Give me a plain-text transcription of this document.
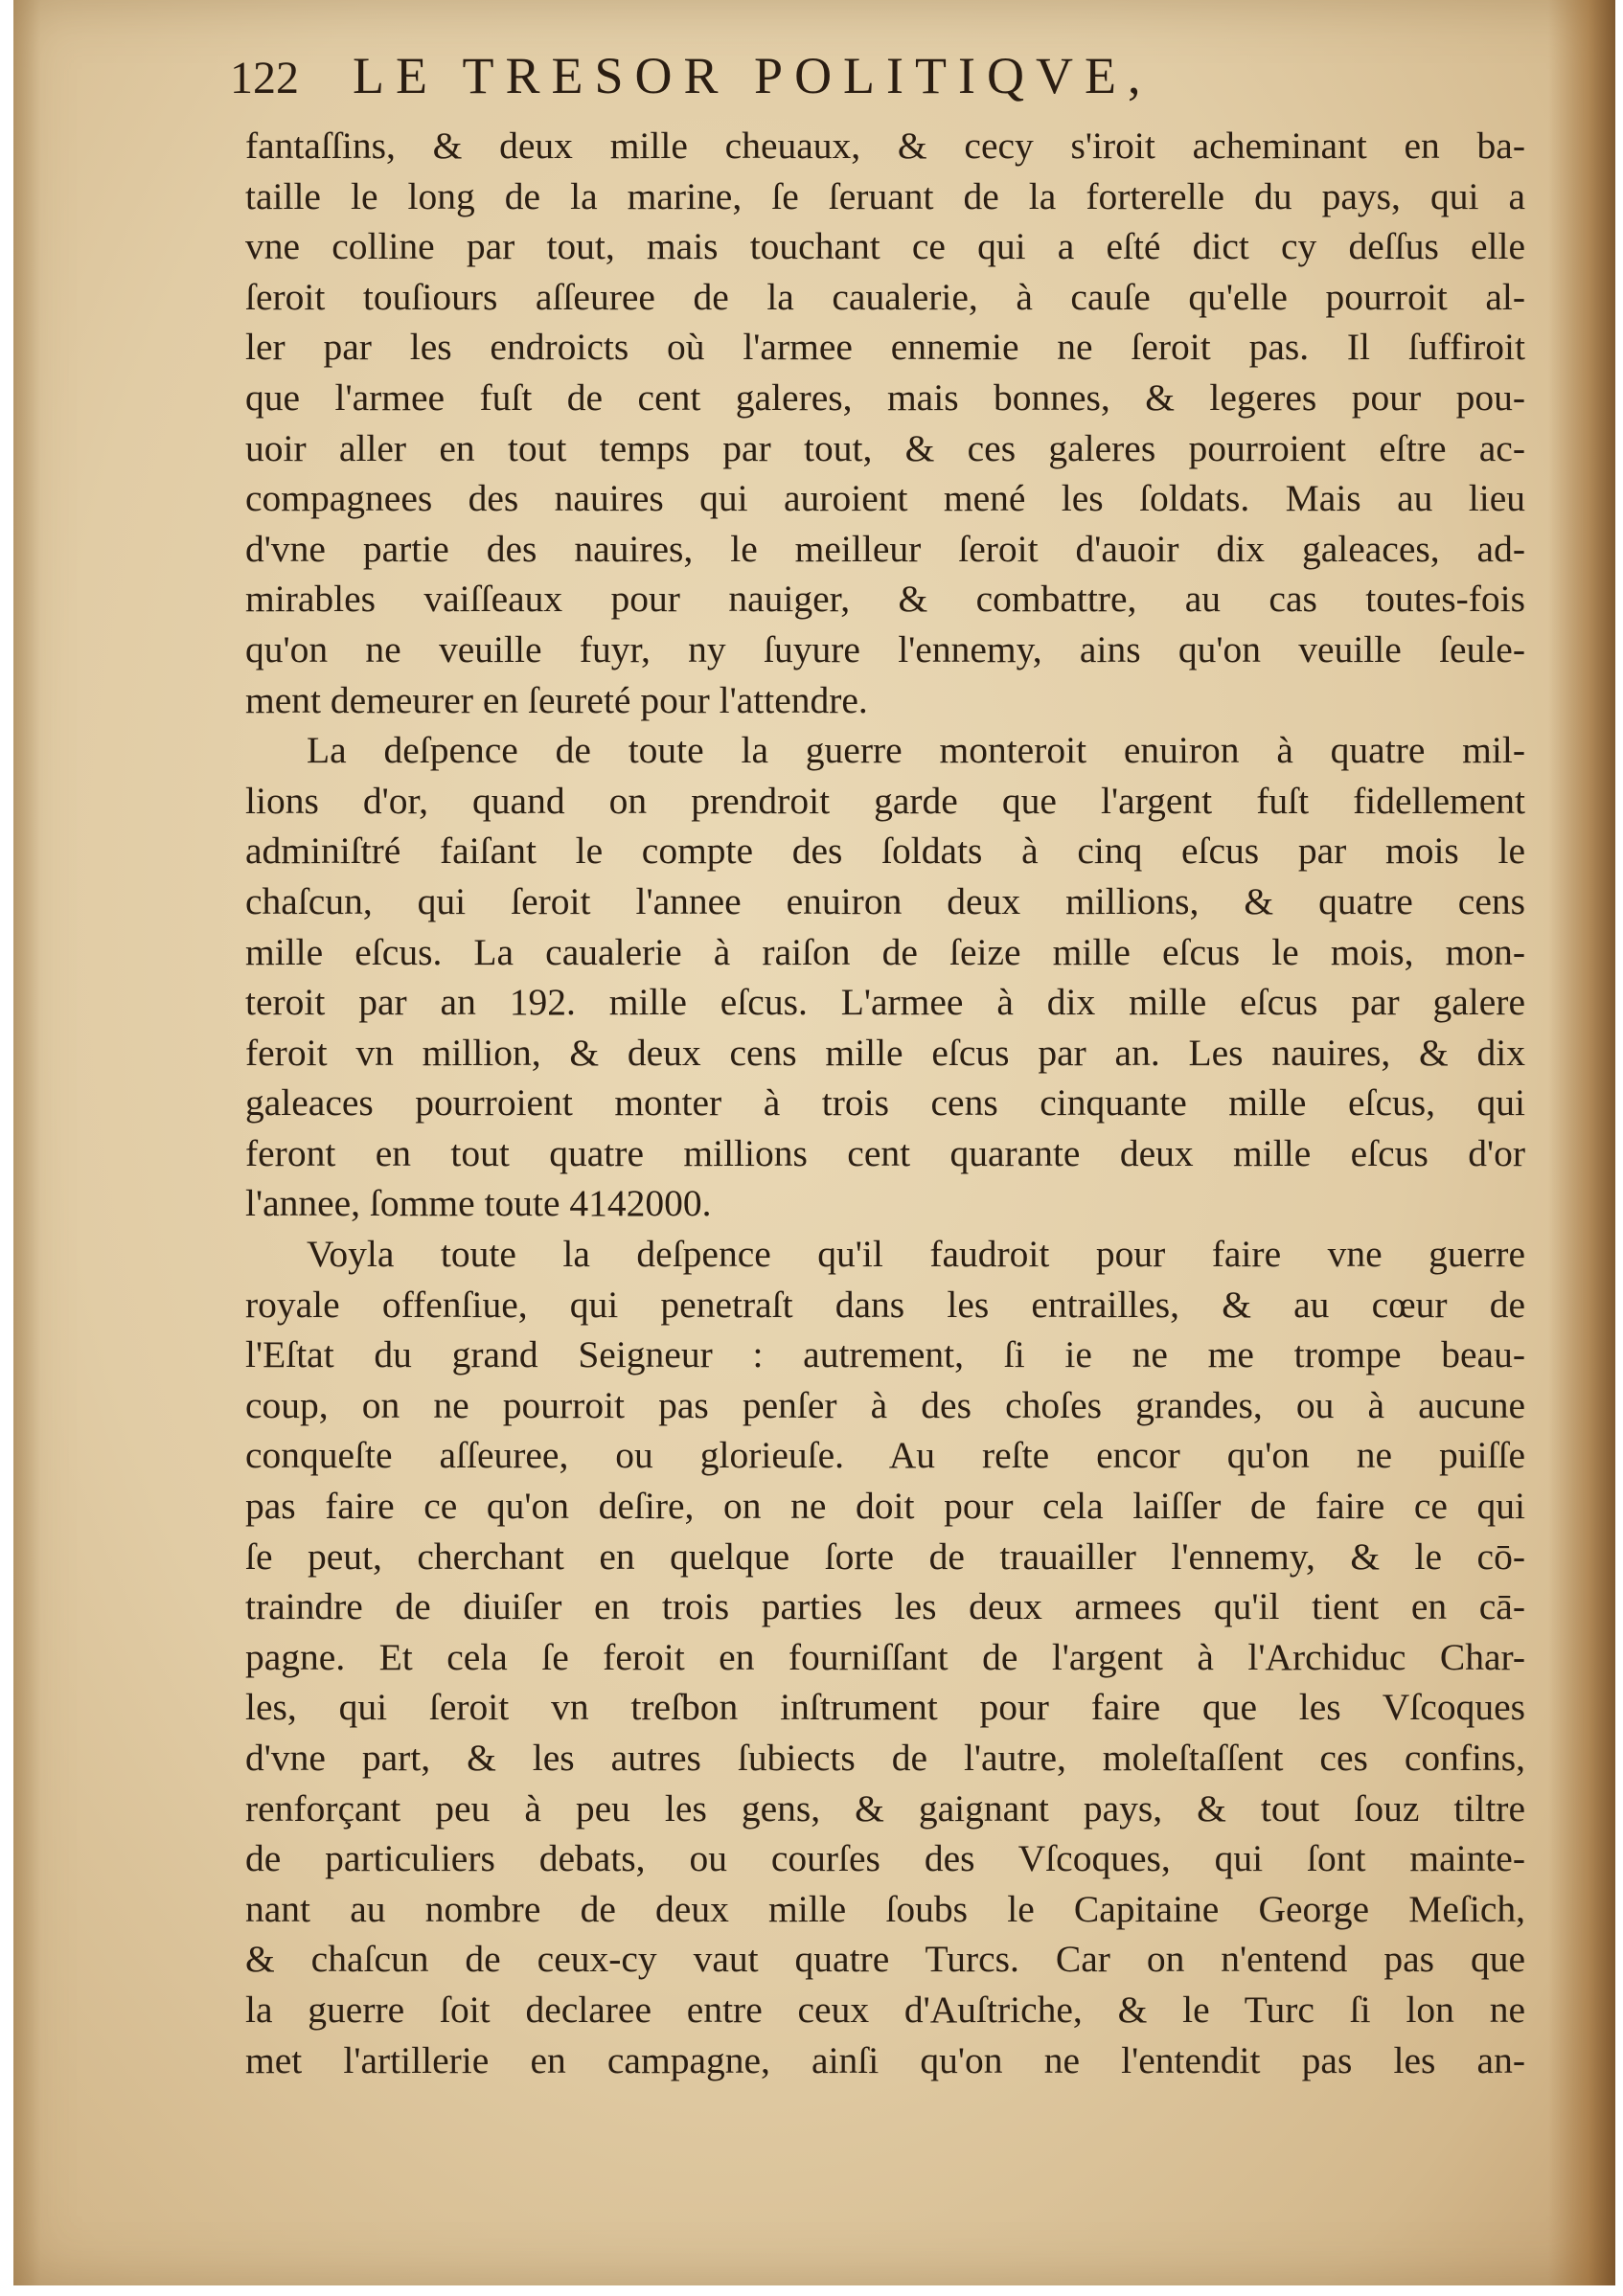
122 LE TRESOR POLITIQVE,
fantaſſins, & deux mille cheuaux, & cecy s'iroit acheminant en ba-
taille le long de la marine, ſe ſeruant de la forterelle du pays, qui a
vne colline par tout, mais touchant ce qui a eſté dict cy deſſus elle
ſeroit touſiours aſſeuree de la caualerie, à cauſe qu'elle pourroit al-
ler par les endroicts où l'armee ennemie ne ſeroit pas. Il ſuffiroit
que l'armee fuſt de cent galeres, mais bonnes, & legeres pour pou-
uoir aller en tout temps par tout, & ces galeres pourroient eſtre ac-
compagnees des nauires qui auroient mené les ſoldats. Mais au lieu
d'vne partie des nauires, le meilleur ſeroit d'auoir dix galeaces, ad-
mirables vaiſſeaux pour nauiger, & combattre, au cas toutes-fois
qu'on ne veuille fuyr, ny ſuyure l'ennemy, ains qu'on veuille ſeule-
ment demeurer en ſeureté pour l'attendre.
La deſpence de toute la guerre monteroit enuiron à quatre mil-
lions d'or, quand on prendroit garde que l'argent fuſt fidellement
adminiſtré faiſant le compte des ſoldats à cinq eſcus par mois le
chaſcun, qui ſeroit l'annee enuiron deux millions, & quatre cens
mille eſcus. La caualerie à raiſon de ſeize mille eſcus le mois, mon-
teroit par an 192. mille eſcus. L'armee à dix mille eſcus par galere
feroit vn million, & deux cens mille eſcus par an. Les nauires, & dix
galeaces pourroient monter à trois cens cinquante mille eſcus, qui
feront en tout quatre millions cent quarante deux mille eſcus d'or
l'annee, ſomme toute 4142000.
Voyla toute la deſpence qu'il faudroit pour faire vne guerre
royale offenſiue, qui penetraſt dans les entrailles, & au cœur de
l'Eſtat du grand Seigneur : autrement, ſi ie ne me trompe beau-
coup, on ne pourroit pas penſer à des choſes grandes, ou à aucune
conqueſte aſſeuree, ou glorieuſe. Au reſte encor qu'on ne puiſſe
pas faire ce qu'on deſire, on ne doit pour cela laiſſer de faire ce qui
ſe peut, cherchant en quelque ſorte de trauailler l'ennemy, & le cō-
traindre de diuiſer en trois parties les deux armees qu'il tient en cā-
pagne. Et cela ſe feroit en fourniſſant de l'argent à l'Archiduc Char-
les, qui ſeroit vn treſbon inſtrument pour faire que les Vſcoques
d'vne part, & les autres ſubiects de l'autre, moleſtaſſent ces confins,
renforçant peu à peu les gens, & gaignant pays, & tout ſouz tiltre
de particuliers debats, ou courſes des Vſcoques, qui ſont mainte-
nant au nombre de deux mille ſoubs le Capitaine George Meſich,
& chaſcun de ceux-cy vaut quatre Turcs. Car on n'entend pas que
la guerre ſoit declaree entre ceux d'Auſtriche, & le Turc ſi lon ne
met l'artillerie en campagne, ainſi qu'on ne l'entendit pas les an-
